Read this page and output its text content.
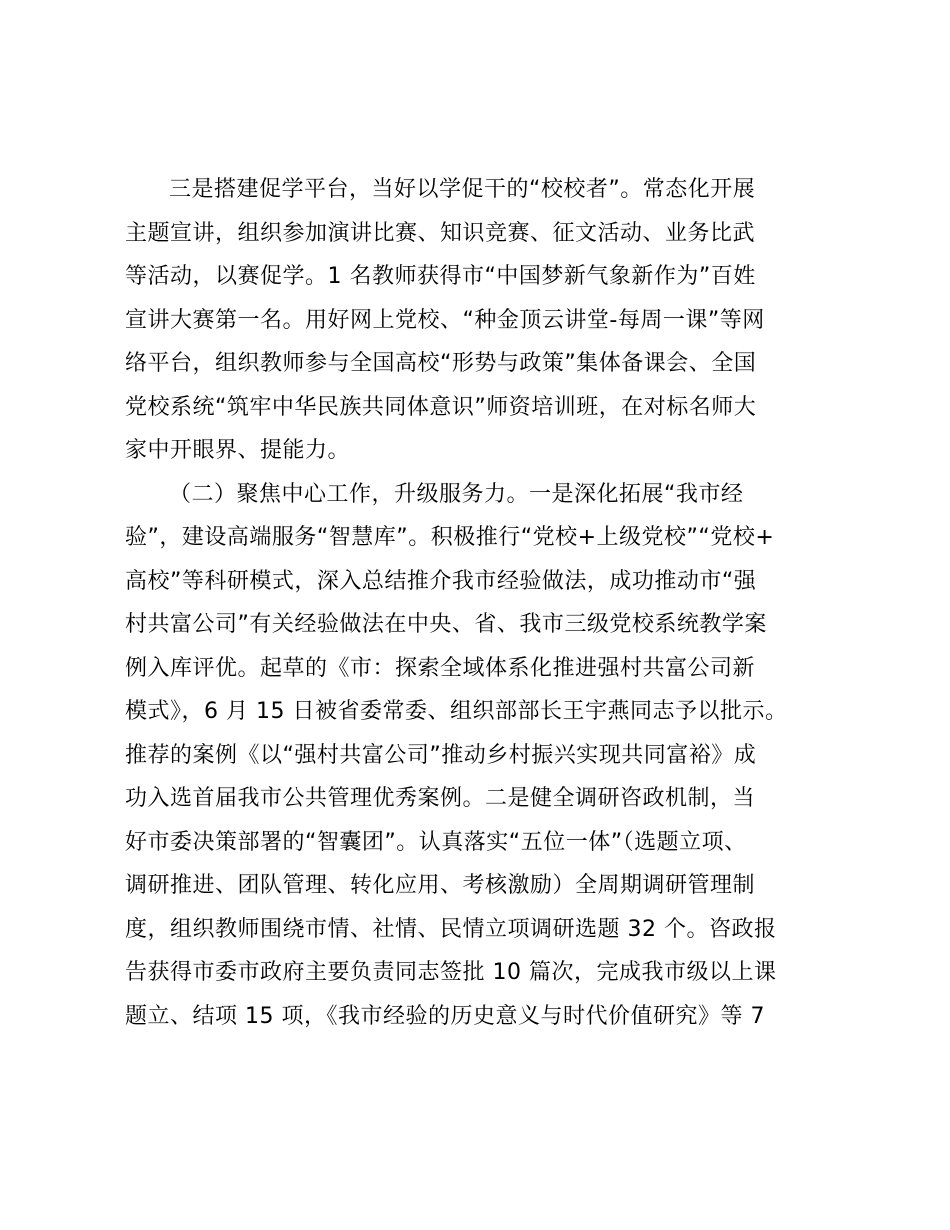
三是搭建促学平台，当好以学促干的“校校者”。常态化开展
主题宣讲，组织参加演讲比赛、知识竞赛、征文活动、业务比武
等活动，以赛促学。1 名教师获得市“中国梦新气象新作为”百姓
宣讲大赛第一名。用好网上党校、“种金顶云讲堂-每周一课”等网
络平台，组织教师参与全国高校“形势与政策”集体备课会、全国
党校系统“筑牢中华民族共同体意识”师资培训班，在对标名师大
家中开眼界、提能力。
（二）聚焦中心工作，升级服务力。一是深化拓展“我市经
验”，建设高端服务“智慧库”。积极推行“党校+上级党校”“党校+
高校”等科研模式，深入总结推介我市经验做法，成功推动市“强
村共富公司”有关经验做法在中央、省、我市三级党校系统教学案
例入库评优。起草的《市：探索全域体系化推进强村共富公司新
模式》，6 月 15 日被省委常委、组织部部长王宇燕同志予以批示。
推荐的案例《以“强村共富公司”推动乡村振兴实现共同富裕》成
功入选首届我市公共管理优秀案例。二是健全调研咨政机制，当
好市委决策部署的“智囊团”。认真落实“五位一体”（选题立项、
调研推进、团队管理、转化应用、考核激励）全周期调研管理制
度，组织教师围绕市情、社情、民情立项调研选题 32 个。咨政报
告获得市委市政府主要负责同志签批 10 篇次，完成我市级以上课
题立、结项 15 项，《我市经验的历史意义与时代价值研究》等 7
